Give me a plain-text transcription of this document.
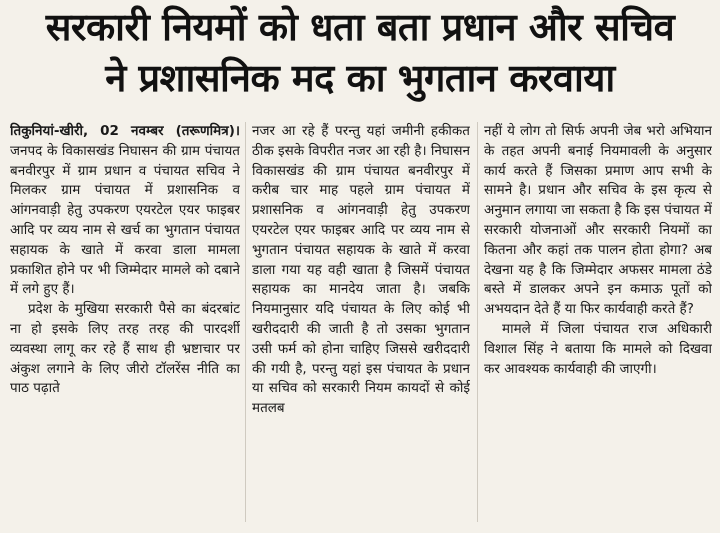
सरकारी नियमों को धता बता प्रधान और सचिव
ने प्रशासनिक मद का भुगतान करवाया

तिकुनियां-खीरी, 02 नवम्बर (तरूणमित्र)। जनपद के विकासखंड निघासन की ग्राम पंचायत बनवीरपुर में ग्राम प्रधान व पंचायत सचिव ने मिलकर ग्राम पंचायत में प्रशासनिक व आंगनवाड़ी हेतु उपकरण एयरटेल एयर फाइबर आदि पर व्यय नाम से खर्च का भुगतान पंचायत सहायक के खाते में करवा डाला मामला प्रकाशित होने पर भी जिम्मेदार मामले को दबाने में लगे हुए हैं।

प्रदेश के मुखिया सरकारी पैसे का बंदरबांट ना हो इसके लिए तरह तरह की पारदर्शी व्यवस्था लागू कर रहे हैं साथ ही भ्रष्टाचार पर अंकुश लगाने के लिए जीरो टॉलरेंस नीति का पाठ पढ़ाते

नजर आ रहे हैं परन्तु यहां जमीनी हकीकत ठीक इसके विपरीत नजर आ रही है। निघासन विकासखंड की ग्राम पंचायत बनवीरपुर में करीब चार माह पहले ग्राम पंचायत में प्रशासनिक व आंगनवाड़ी हेतु उपकरण एयरटेल एयर फाइबर आदि पर व्यय नाम से भुगतान पंचायत सहायक के खाते में करवा डाला गया यह वही खाता है जिसमें पंचायत सहायक का मानदेय जाता है। जबकि नियमानुसार यदि पंचायत के लिए कोई भी खरीददारी की जाती है तो उसका भुगतान उसी फर्म को होना चाहिए जिससे खरीददारी की गयी है, परन्तु यहां इस पंचायत के प्रधान या सचिव को सरकारी नियम कायदों से कोई मतलब

नहीं ये लोग तो सिर्फ अपनी जेब भरो अभियान के तहत अपनी बनाई नियमावली के अनुसार कार्य करते हैं जिसका प्रमाण आप सभी के सामने है। प्रधान और सचिव के इस कृत्य से अनुमान लगाया जा सकता है कि इस पंचायत में सरकारी योजनाओं और सरकारी नियमों का कितना और कहां तक पालन होता होगा? अब देखना यह है कि जिम्मेदार अफसर मामला ठंडे बस्ते में डालकर अपने इन कमाऊ पूतों को अभयदान देते हैं या फिर कार्यवाही करते हैं?

मामले में जिला पंचायत राज अधिकारी विशाल सिंह ने बताया कि मामले को दिखवा कर आवश्यक कार्यवाही की जाएगी।
